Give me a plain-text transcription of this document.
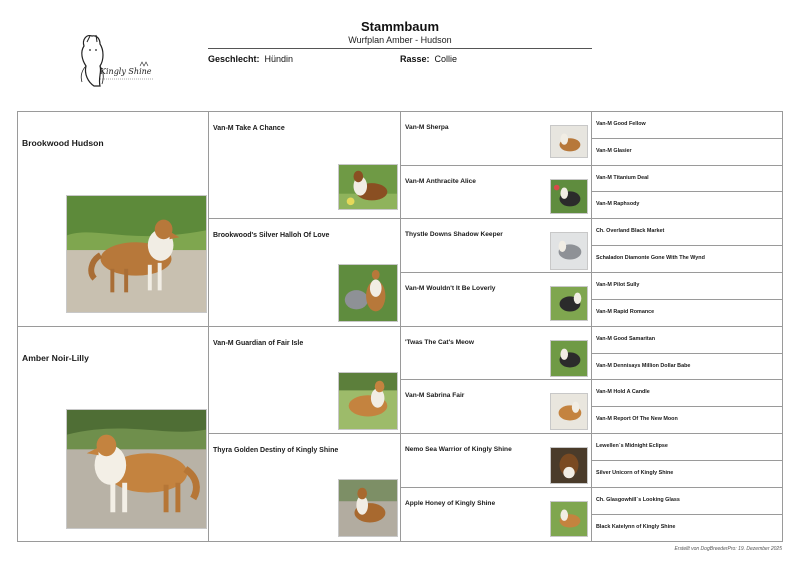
Kingly Shine
Stammbaum
Wurfplan Amber - Hudson
Geschlecht: Hündin	Rasse: Collie
Brookwood Hudson
Amber Noir-Lilly
Van-M Take A Chance
Brookwood's Silver Halloh Of Love
Van-M Guardian of Fair Isle
Thyra Golden Destiny of Kingly Shine
Van-M Sherpa
Van-M Anthracite Alice
Thystle Downs Shadow Keeper
Van-M Wouldn't It Be Loverly
'Twas The Cat's Meow
Van-M Sabrina Fair
Nemo Sea Warrior of Kingly Shine
Apple Honey of Kingly Shine
Van-M Good Fellow
Van-M Glasier
Van-M Titanium Deal
Van-M Raphsody
Ch. Overland Black Market
Schaladon Diamonte Gone With The Wynd
Van-M Pilot Sully
Van-M Rapid Romance
Van-M Good Samaritan
Van-M Dennisays Million Dollar Babe
Van-M Hold A Candle
Van-M Report Of The New Moon
Lewellen´s Midnight Eclipse
Silver Unicorn of Kingly Shine
Ch. Glasgowhill´s Looking Glass
Black Katelynn of Kingly Shine
Erstellt von DogBreederPro: 19. Dezember 2025
